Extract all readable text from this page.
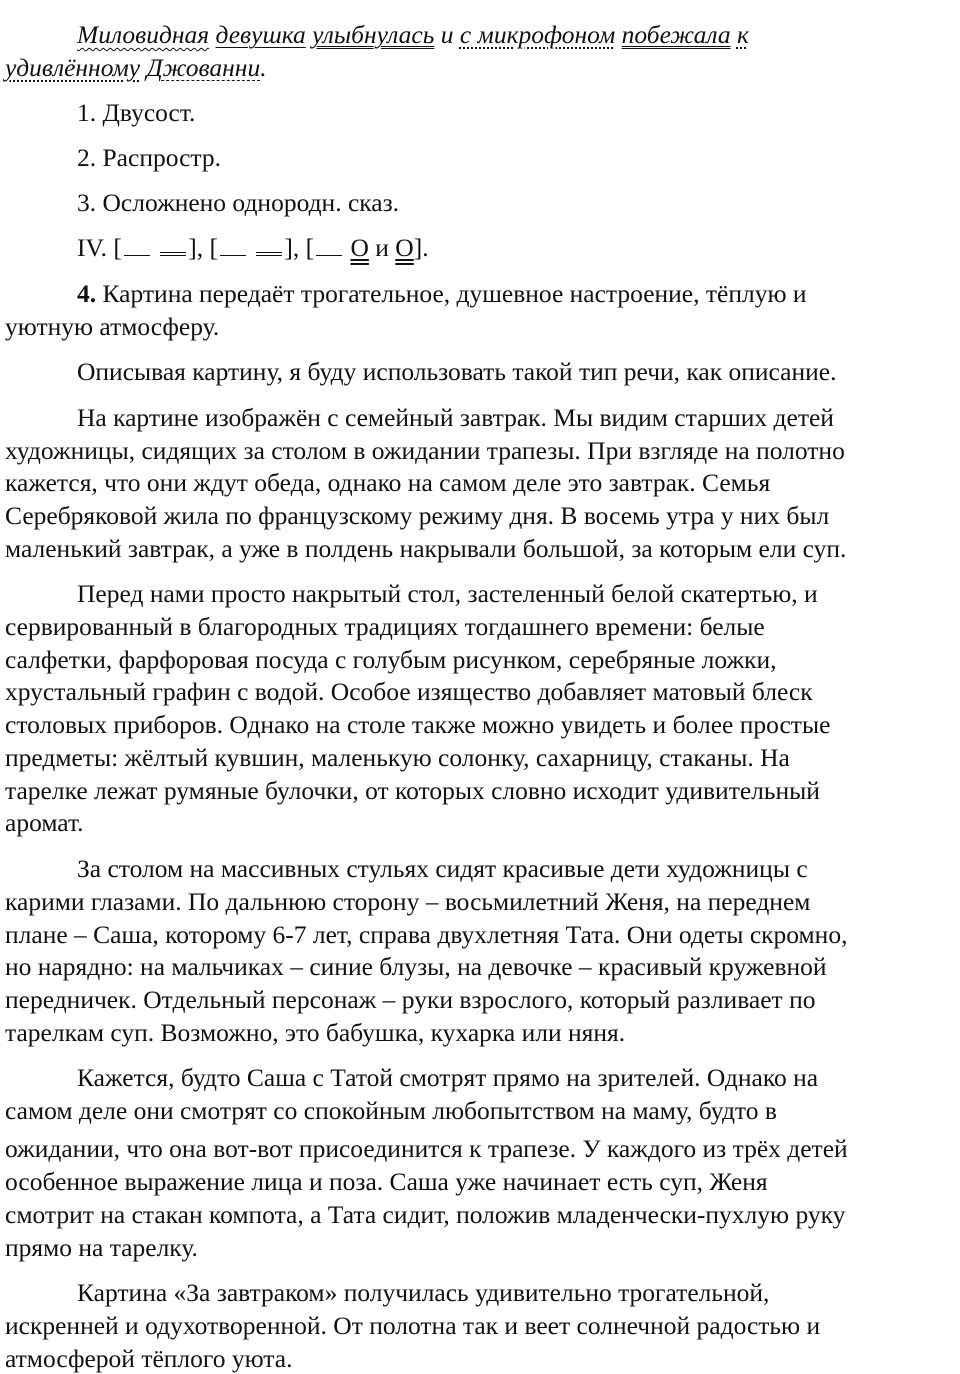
Миловидная девушка улыбнулась и с микрофоном побежала к
удивлённому Джованни.
1. Двусост.
2. Распростр.
3. Осложнено однородн. сказ.
IV. [	], [	], [ О и О].
4. Картина передаёт трогательное, душевное настроение, тёплую и
уютную атмосферу.
Описывая картину, я буду использовать такой тип речи, как описание.
На картине изображён с семейный завтрак. Мы видим старших детей
художницы, сидящих за столом в ожидании трапезы. При взгляде на полотно
кажется, что они ждут обеда, однако на самом деле это завтрак. Семья
Серебряковой жила по французскому режиму дня. В восемь утра у них был
маленький завтрак, а уже в полдень накрывали большой, за которым ели суп.
Перед нами просто накрытый стол, застеленный белой скатертью, и
сервированный в благородных традициях тогдашнего времени: белые
салфетки, фарфоровая посуда с голубым рисунком, серебряные ложки,
хрустальный графин с водой. Особое изящество добавляет матовый блеск
столовых приборов. Однако на столе также можно увидеть и более простые
предметы: жёлтый кувшин, маленькую солонку, сахарницу, стаканы. На
тарелке лежат румяные булочки, от которых словно исходит удивительный
аромат.
За столом на массивных стульях сидят красивые дети художницы с
карими глазами. По дальнюю сторону – восьмилетний Женя, на переднем
плане – Саша, которому 6-7 лет, справа двухлетняя Тата. Они одеты скромно,
но нарядно: на мальчиках – синие блузы, на девочке – красивый кружевной
передничек. Отдельный персонаж – руки взрослого, который разливает по
тарелкам суп. Возможно, это бабушка, кухарка или няня.
Кажется, будто Саша с Татой смотрят прямо на зрителей. Однако на
самом деле они смотрят со спокойным любопытством на маму, будто в
ожидании, что она вот-вот присоединится к трапезе. У каждого из трёх детей
особенное выражение лица и поза. Саша уже начинает есть суп, Женя
смотрит на стакан компота, а Тата сидит, положив младенчески-пухлую руку
прямо на тарелку.
Картина «За завтраком» получилась удивительно трогательной,
искренней и одухотворенной. От полотна так и веет солнечной радостью и
атмосферой тёплого уюта.
